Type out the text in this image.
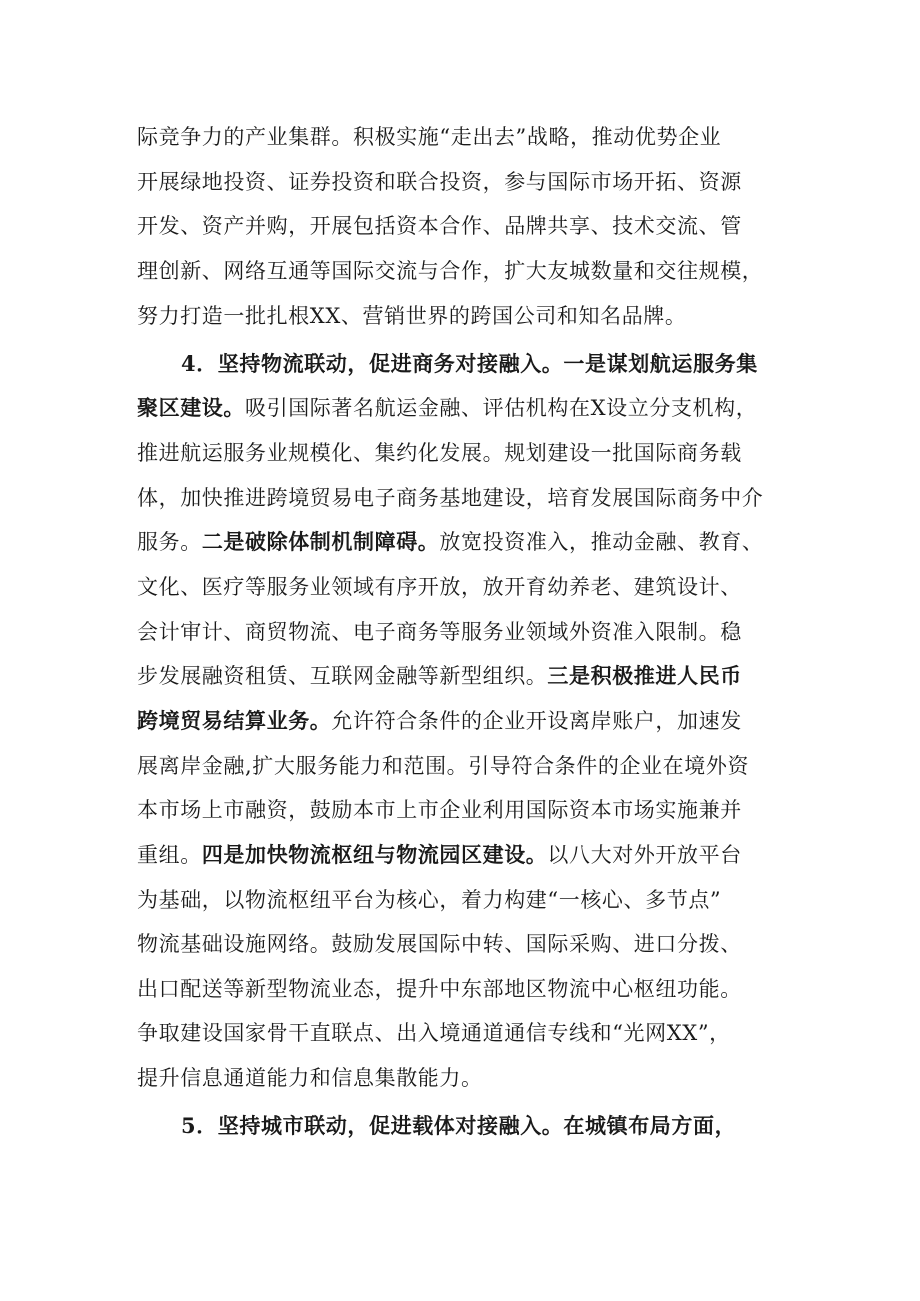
际竞争力的产业集群。积极实施“走出去”战略，推动优势企业
开展绿地投资、证券投资和联合投资，参与国际市场开拓、资源
开发、资产并购，开展包括资本合作、品牌共享、技术交流、管
理创新、网络互通等国际交流与合作，扩大友城数量和交往规模，
努力打造一批扎根XX、营销世界的跨国公司和知名品牌。
4．坚持物流联动，促进商务对接融入。一是谋划航运服务集
聚区建设。吸引国际著名航运金融、评估机构在X设立分支机构，
推进航运服务业规模化、集约化发展。规划建设一批国际商务载
体，加快推进跨境贸易电子商务基地建设，培育发展国际商务中介
服务。二是破除体制机制障碍。放宽投资准入，推动金融、教育、
文化、医疗等服务业领域有序开放，放开育幼养老、建筑设计、
会计审计、商贸物流、电子商务等服务业领域外资准入限制。稳
步发展融资租赁、互联网金融等新型组织。三是积极推进人民币
跨境贸易结算业务。允许符合条件的企业开设离岸账户，加速发
展离岸金融,扩大服务能力和范围。引导符合条件的企业在境外资
本市场上市融资，鼓励本市上市企业利用国际资本市场实施兼并
重组。四是加快物流枢纽与物流园区建设。以八大对外开放平台
为基础，以物流枢纽平台为核心，着力构建“一核心、多节点”
物流基础设施网络。鼓励发展国际中转、国际采购、进口分拨、
出口配送等新型物流业态，提升中东部地区物流中心枢纽功能。
争取建设国家骨干直联点、出入境通道通信专线和“光网XX”，
提升信息通道能力和信息集散能力。
5．坚持城市联动，促进载体对接融入。在城镇布局方面，
